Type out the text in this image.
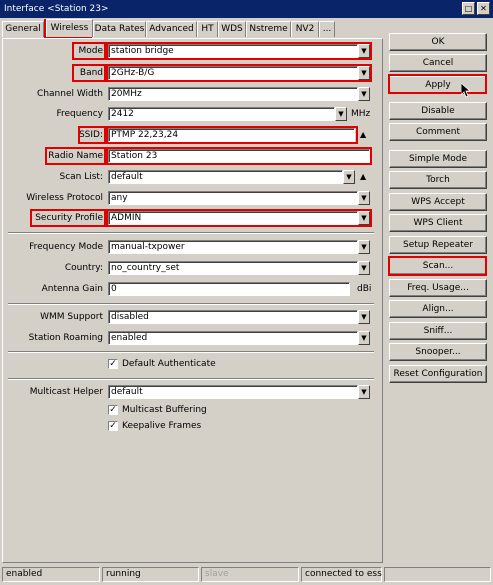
Interface <Station 23>	□ ✕
General	Wireless Data Rates Advanced HT WDS Nstreme NV2 ...
Mode station bridge	▼
Band 2GHz-B/G	▼
Channel Width 20MHz	▼
Frequency 2412	▼ MHz
SSID: PTMP 22,23,24	▲
Radio Name Station 23
Scan List: default	▼	▲
Wireless Protocol any	▼
Security Profile ADMIN	▼
Frequency Mode manual-txpower	▼
Country: no_country_set	▼
Antenna Gain 0	dBi
WMM Support disabled	▼
Station Roaming enabled	▼
✓ Default Authenticate
Multicast Helper default	▼
✓ Multicast Buffering
✓ Keepalive Frames
OK
Cancel
Apply
Disable
Comment
Simple Mode
Torch
WPS Accept
WPS Client
Setup Repeater
Scan...
Freq. Usage...
Align...
Sniff...
Snooper...
Reset Configuration
enabled	running	slave	connected to ess
